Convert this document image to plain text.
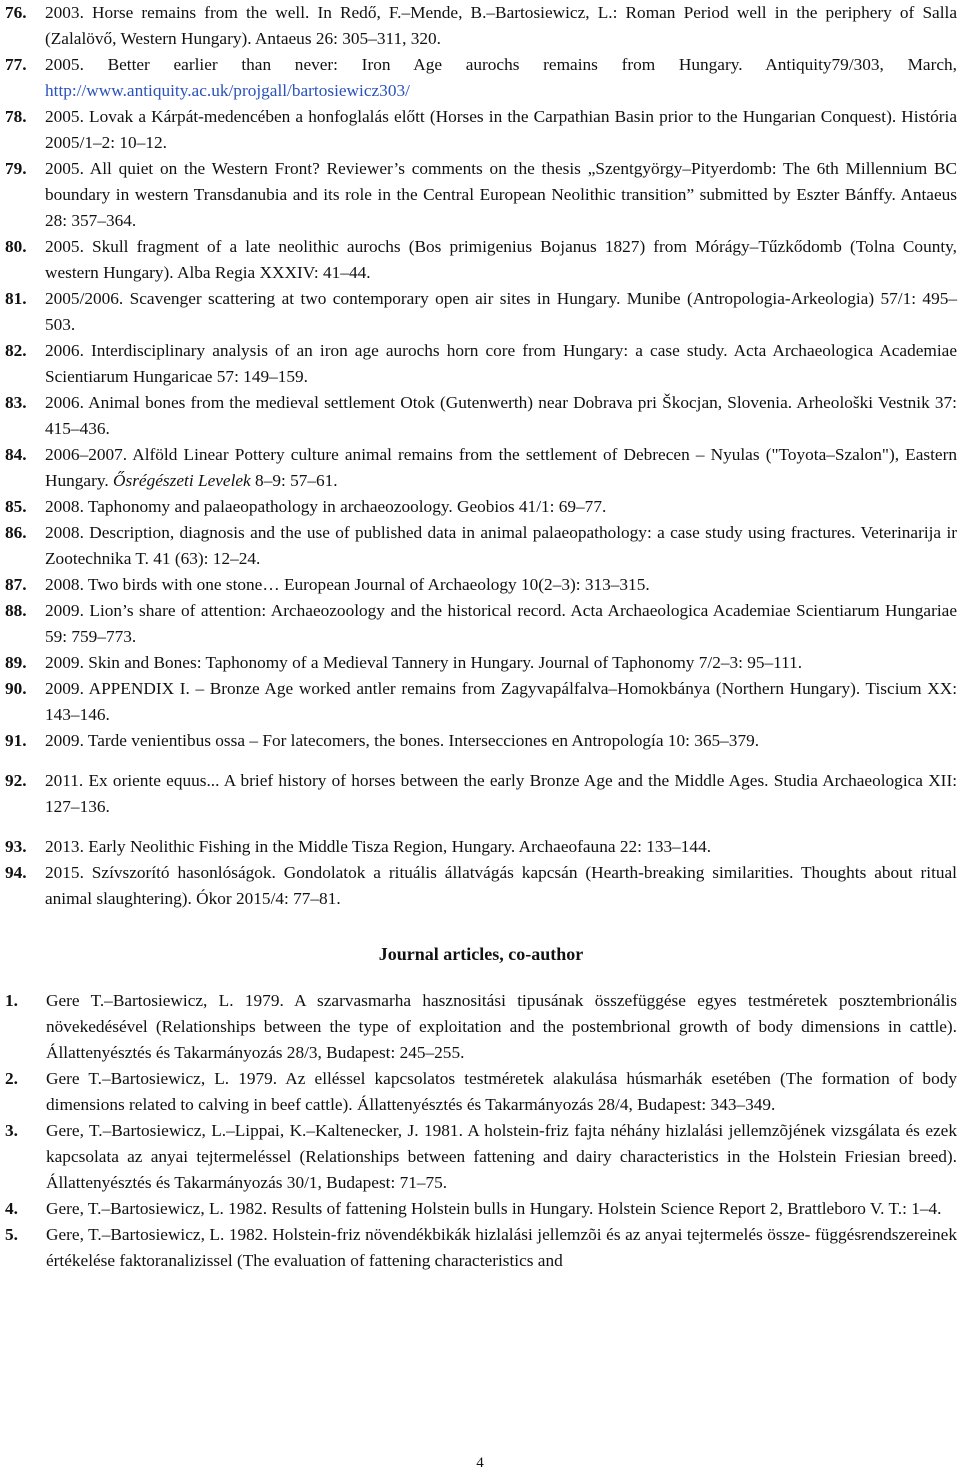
76. 2003. Horse remains from the well. In Redő, F.–Mende, B.–Bartosiewicz, L.: Roman Period well in the periphery of Salla (Zalalövő, Western Hungary). Antaeus 26: 305–311, 320.
77. 2005. Better earlier than never: Iron Age aurochs remains from Hungary. Antiquity79/303, March, http://www.antiquity.ac.uk/projgall/bartosiewicz303/
78. 2005. Lovak a Kárpát-medencében a honfoglalás előtt (Horses in the Carpathian Basin prior to the Hungarian Conquest). História 2005/1–2: 10–12.
79. 2005. All quiet on the Western Front? Reviewer’s comments on the thesis „Szentgyörgy–Pityerdomb: The 6th Millennium BC boundary in western Transdanubia and its role in the Central European Neolithic transition” submitted by Eszter Bánffy. Antaeus 28: 357–364.
80. 2005. Skull fragment of a late neolithic aurochs (Bos primigenius Bojanus 1827) from Mórágy–Tűzkődomb (Tolna County, western Hungary). Alba Regia XXXIV: 41–44.
81. 2005/2006. Scavenger scattering at two contemporary open air sites in Hungary. Munibe (Antropologia-Arkeologia) 57/1: 495–503.
82. 2006. Interdisciplinary analysis of an iron age aurochs horn core from Hungary: a case study. Acta Archaeologica Academiae Scientiarum Hungaricae 57: 149–159.
83. 2006. Animal bones from the medieval settlement Otok (Gutenwerth) near Dobrava pri Škocjan, Slovenia. Arheološki Vestnik 37: 415–436.
84. 2006–2007. Alföld Linear Pottery culture animal remains from the settlement of Debrecen – Nyulas ("Toyota–Szalon"), Eastern Hungary. Ősrégészeti Levelek 8–9: 57–61.
85. 2008. Taphonomy and palaeopathology in archaeozoology. Geobios 41/1: 69–77.
86. 2008. Description, diagnosis and the use of published data in animal palaeopathology: a case study using fractures. Veterinarija ir Zootechnika T. 41 (63): 12–24.
87. 2008. Two birds with one stone… European Journal of Archaeology 10(2–3): 313–315.
88. 2009. Lion’s share of attention: Archaeozoology and the historical record. Acta Archaeologica Academiae Scientiarum Hungariae 59: 759–773.
89. 2009. Skin and Bones: Taphonomy of a Medieval Tannery in Hungary. Journal of Taphonomy 7/2–3: 95–111.
90. 2009. APPENDIX I. – Bronze Age worked antler remains from Zagyvapálfalva–Homokbánya (Northern Hungary). Tiscium XX: 143–146.
91. 2009. Tarde venientibus ossa – For latecomers, the bones. Intersecciones en Antropología 10: 365–379.
92. 2011. Ex oriente equus... A brief history of horses between the early Bronze Age and the Middle Ages. Studia Archaeologica XII: 127–136.
93. 2013. Early Neolithic Fishing in the Middle Tisza Region, Hungary. Archaeofauna 22: 133–144.
94. 2015. Szívszorító hasonlóságok. Gondolatok a rituális állatvágás kapcsán (Hearth-breaking similarities. Thoughts about ritual animal slaughtering). Ókor 2015/4: 77–81.
Journal articles, co-author
1. Gere T.–Bartosiewicz, L. 1979. A szarvasmarha hasznositási tipusának összefüggése egyes testméretek posztembrionális növekedésével (Relationships between the type of exploitation and the postembrional growth of body dimensions in cattle). Állattenyésztés és Takarmányozás 28/3, Budapest: 245–255.
2. Gere T.–Bartosiewicz, L. 1979. Az elléssel kapcsolatos testméretek alakulása húsmarhák esetében (The formation of body dimensions related to calving in beef cattle). Állattenyésztés és Takarmányozás 28/4, Budapest: 343–349.
3. Gere, T.–Bartosiewicz, L.–Lippai, K.–Kaltenecker, J. 1981. A holstein-friz fajta néhány hizlalási jellemzõjének vizsgálata és ezek kapcsolata az anyai tejtermeléssel (Relationships between fattening and dairy characteristics in the Holstein Friesian breed). Állattenyésztés és Takarmányozás 30/1, Budapest: 71–75.
4. Gere, T.–Bartosiewicz, L. 1982. Results of fattening Holstein bulls in Hungary. Holstein Science Report 2, Brattleboro V. T.: 1–4.
5. Gere, T.–Bartosiewicz, L. 1982. Holstein-friz növendékbikák hizlalási jellemzõi és az anyai tejtermelés össze- függésrendszereinek értékelése faktoranalizissel (The evaluation of fattening characteristics and
4
